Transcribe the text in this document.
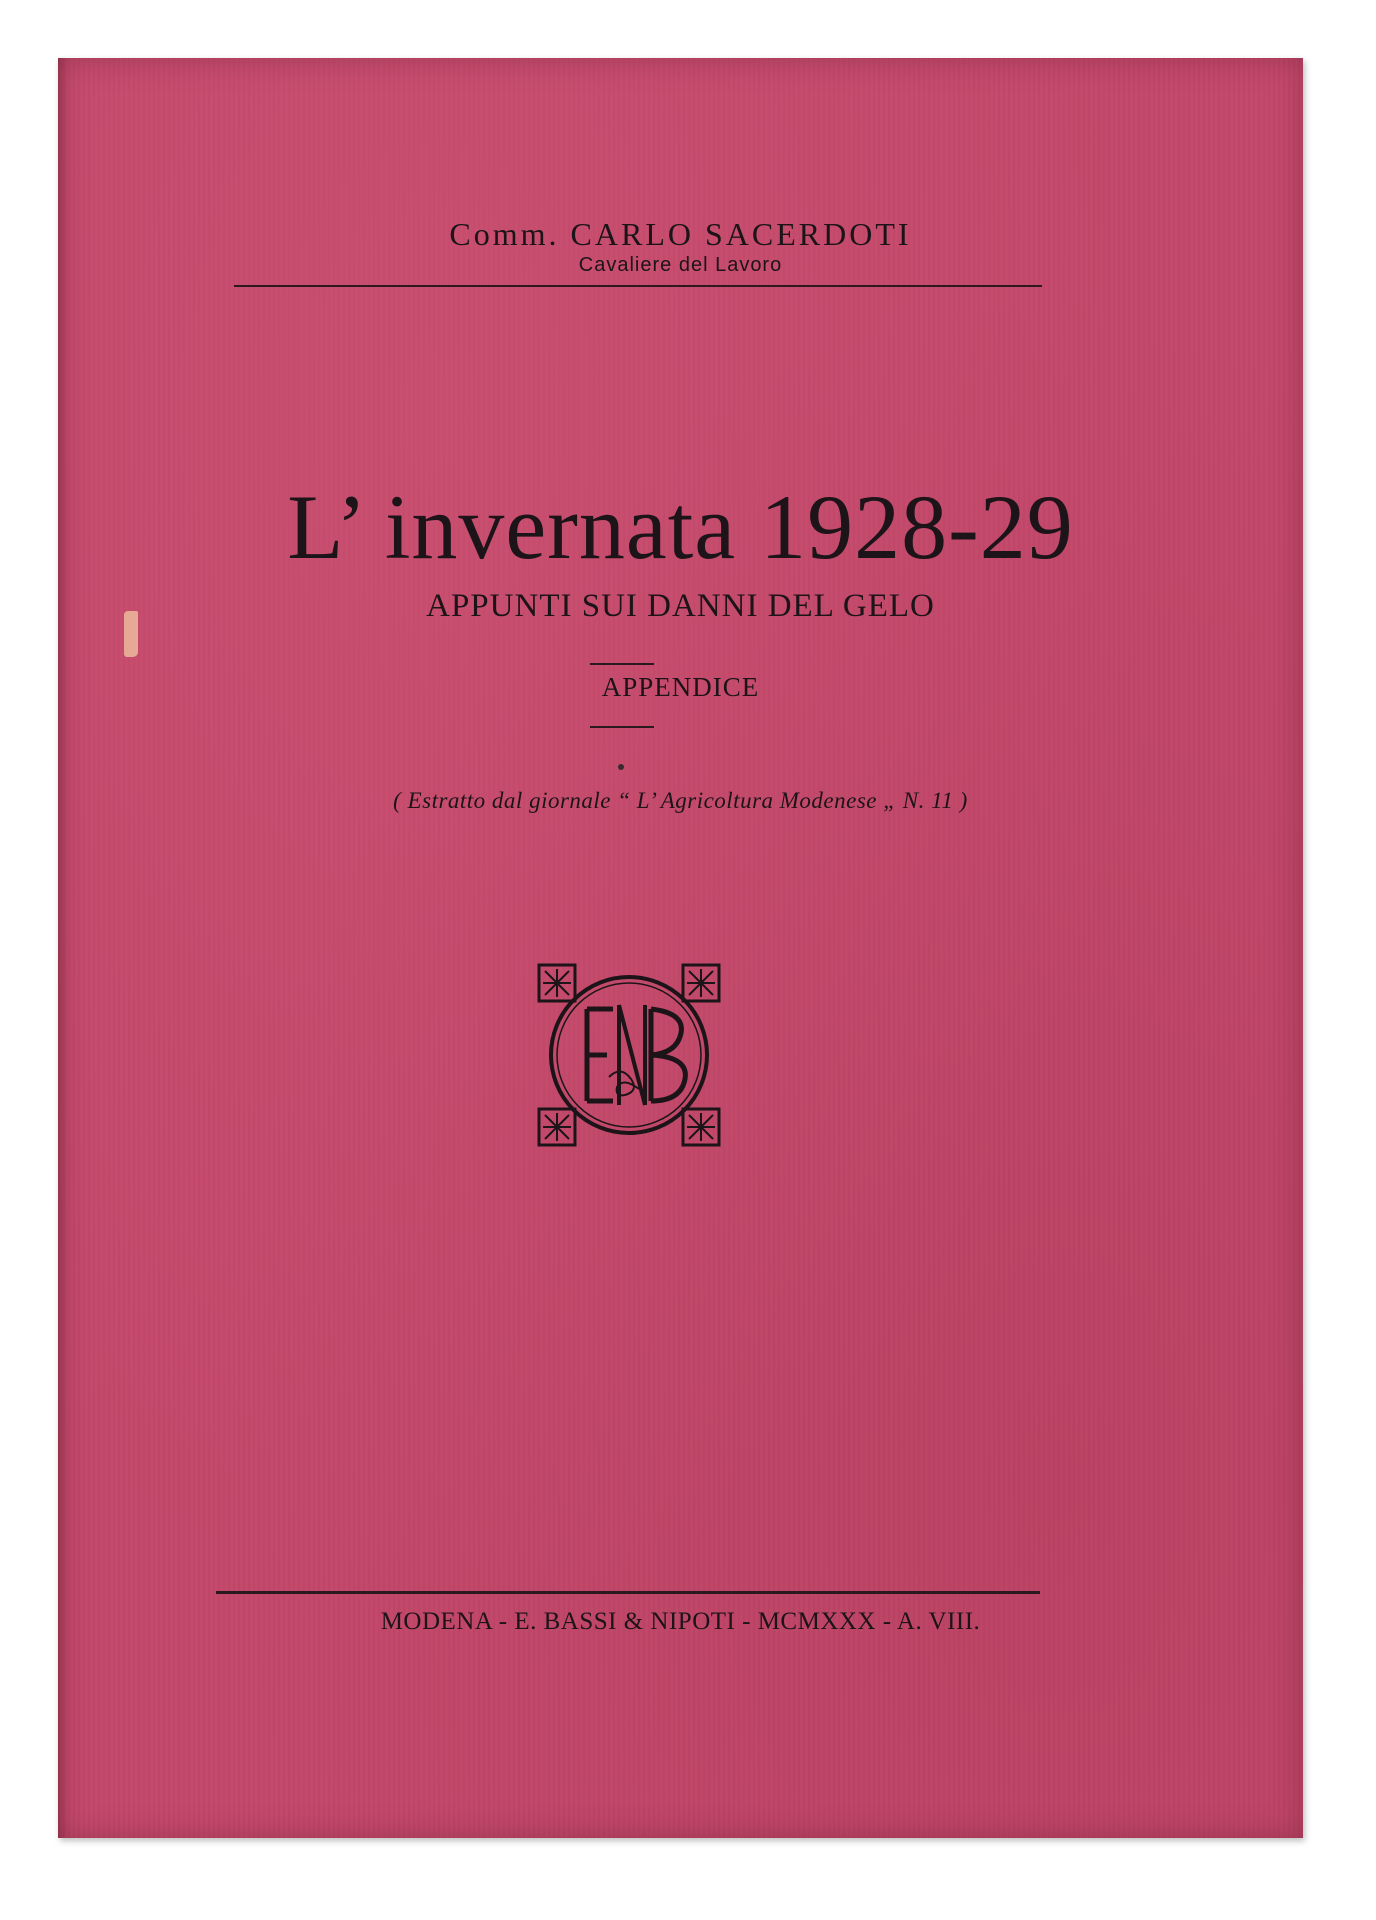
Comm. CARLO SACERDOTI
Cavaliere del Lavoro
L’ invernata 1928-29
APPUNTI SUI DANNI DEL GELO
APPENDICE
( Estratto dal giornale “ L’ Agricoltura Modenese „ N. 11 )
MODENA - E. BASSI & NIPOTI - MCMXXX - A. VIII.
